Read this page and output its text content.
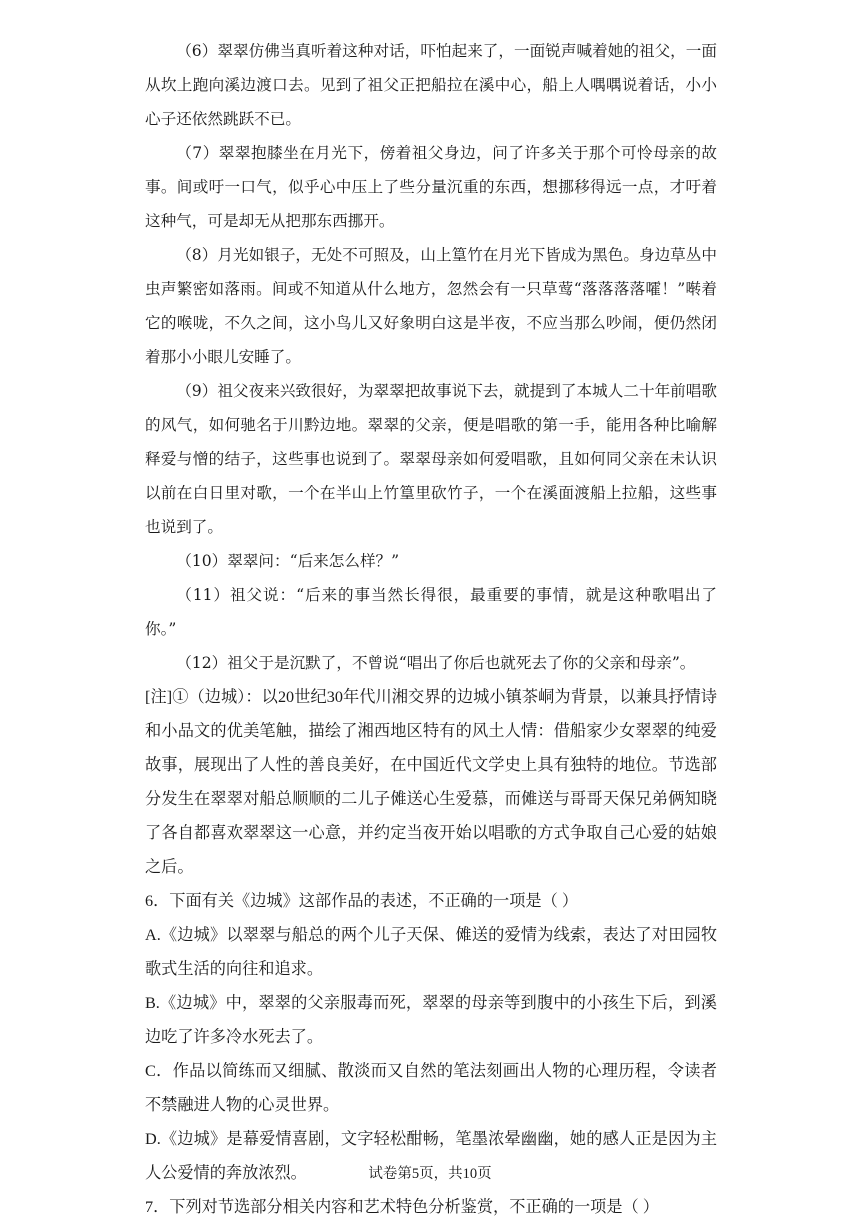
（6）翠翠仿佛当真听着这种对话，吓怕起来了，一面锐声喊着她的祖父，一面从坎上跑向溪边渡口去。见到了祖父正把船拉在溪中心，船上人喁喁说着话，小小心子还依然跳跃不已。

（7）翠翠抱膝坐在月光下，傍着祖父身边，问了许多关于那个可怜母亲的故事。间或吁一口气，似乎心中压上了些分量沉重的东西，想挪移得远一点，才吁着这种气，可是却无从把那东西挪开。

（8）月光如银子，无处不可照及，山上篁竹在月光下皆成为黑色。身边草丛中虫声繁密如落雨。间或不知道从什么地方，忽然会有一只草莺“落落落落嚯！”啭着它的喉咙，不久之间，这小鸟儿又好象明白这是半夜，不应当那么吵闹，便仍然闭着那小小眼儿安睡了。

（9）祖父夜来兴致很好，为翠翠把故事说下去，就提到了本城人二十年前唱歌的风气，如何驰名于川黔边地。翠翠的父亲，便是唱歌的第一手，能用各种比喻解释爱与憎的结子，这些事也说到了。翠翠母亲如何爱唱歌，且如何同父亲在未认识以前在白日里对歌，一个在半山上竹篁里砍竹子，一个在溪面渡船上拉船，这些事也说到了。

（10）翠翠问：“后来怎么样？”

（11）祖父说：“后来的事当然长得很，最重要的事情，就是这种歌唱出了你。”

（12）祖父于是沉默了，不曾说“唱出了你后也就死去了你的父亲和母亲”。

[注]①（边城）：以20世纪30年代川湘交界的边城小镇茶峒为背景，以兼具抒情诗和小品文的优美笔触，描绘了湘西地区特有的风土人情：借船家少女翠翠的纯爱故事，展现出了人性的善良美好，在中国近代文学史上具有独特的地位。节选部分发生在翠翠对船总顺顺的二儿子傩送心生爱慕，而傩送与哥哥天保兄弟俩知晓了各自都喜欢翠翠这一心意，并约定当夜开始以唱歌的方式争取自己心爱的姑娘之后。

6．下面有关《边城》这部作品的表述，不正确的一项是（ ）

A.《边城》以翠翠与船总的两个儿子天保、傩送的爱情为线索，表达了对田园牧歌式生活的向往和追求。

B.《边城》中，翠翠的父亲服毒而死，翠翠的母亲等到腹中的小孩生下后，到溪边吃了许多冷水死去了。

C．作品以简练而又细腻、散淡而又自然的笔法刻画出人物的心理历程，令读者不禁融进人物的心灵世界。

D.《边城》是幕爱情喜剧，文字轻松酣畅，笔墨浓晕幽幽，她的感人正是因为主人公爱情的奔放浓烈。

7．下列对节选部分相关内容和艺术特色分析鉴赏，不正确的一项是（ ）

试卷第5页，共10页
